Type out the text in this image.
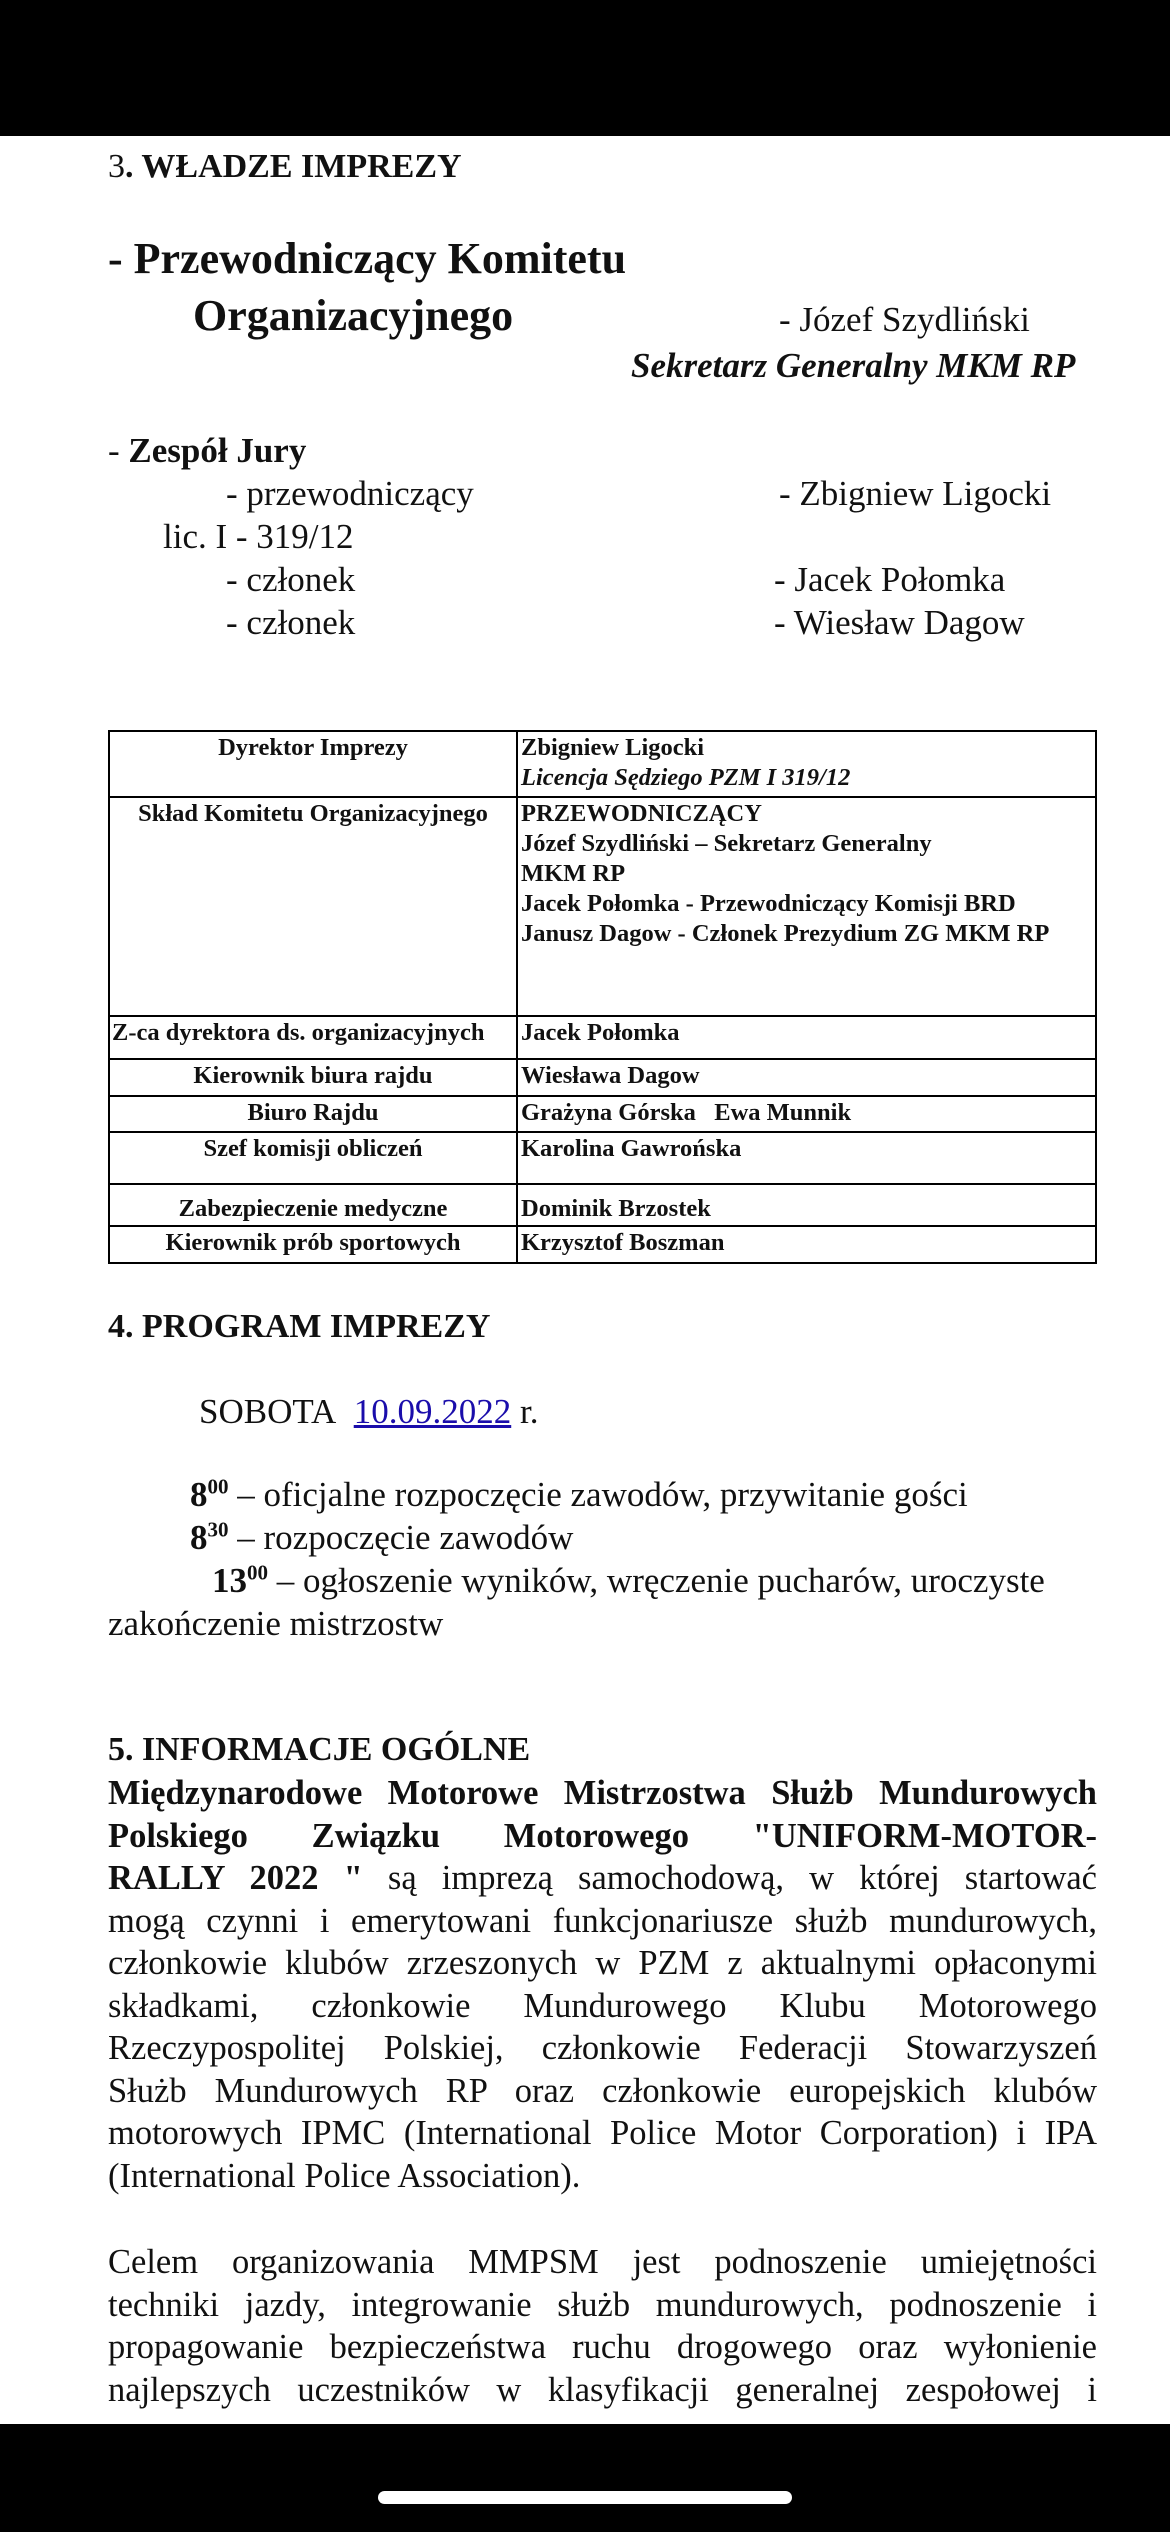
3. WŁADZE IMPREZY
- Przewodniczący Komitetu
Organizacyjnego	- Józef Szydliński
Sekretarz Generalny MKM RP
- Zespół Jury
- przewodniczący	- Zbigniew Ligocki
lic. I - 319/12
- członek	- Jacek Połomka
- członek	- Wiesław Dagow
Dyrektor Imprezy	Zbigniew Ligocki
Licencja Sędziego PZM I 319/12

Skład Komitetu Organizacyjnego	PRZEWODNICZĄCY
Józef Szydliński – Sekretarz Generalny
MKM RP
Jacek Połomka - Przewodniczący Komisji BRD
Janusz Dagow - Członek Prezydium ZG MKM RP

Z-ca dyrektora ds. organizacyjnych	Jacek Połomka
Kierownik biura rajdu	Wiesława Dagow
Biuro Rajdu	Grażyna Górska   Ewa Munnik
Szef komisji obliczeń	Karolina Gawrońska
Zabezpieczenie medyczne	Dominik Brzostek
Kierownik prób sportowych	Krzysztof Boszman
4. PROGRAM IMPREZY
SOBOTA 10.09.2022 r.
$8^{00}$ – oficjalne rozpoczęcie zawodów, przywitanie gości
$8^{30}$ – rozpoczęcie zawodów
$13^{00}$ – ogłoszenie wyników, wręczenie pucharów, uroczyste
zakończenie mistrzostw
5. INFORMACJE OGÓLNE
Międzynarodowe Motorowe Mistrzostwa Służb Mundurowych
Polskiego Związku Motorowego "UNIFORM-MOTOR-
RALLY 2022 " są imprezą samochodową, w której startować
mogą czynni i emerytowani funkcjonariusze służb mundurowych,
członkowie klubów zrzeszonych w PZM z aktualnymi opłaconymi
składkami, członkowie Mundurowego Klubu Motorowego
Rzeczypospolitej Polskiej, członkowie Federacji Stowarzyszeń
Służb Mundurowych RP oraz członkowie europejskich klubów
motorowych IPMC (International Police Motor Corporation) i IPA
(International Police Association).
Celem organizowania MMPSM jest podnoszenie umiejętności
techniki jazdy, integrowanie służb mundurowych, podnoszenie i
propagowanie bezpieczeństwa ruchu drogowego oraz wyłonienie
najlepszych uczestników w klasyfikacji generalnej zespołowej i
